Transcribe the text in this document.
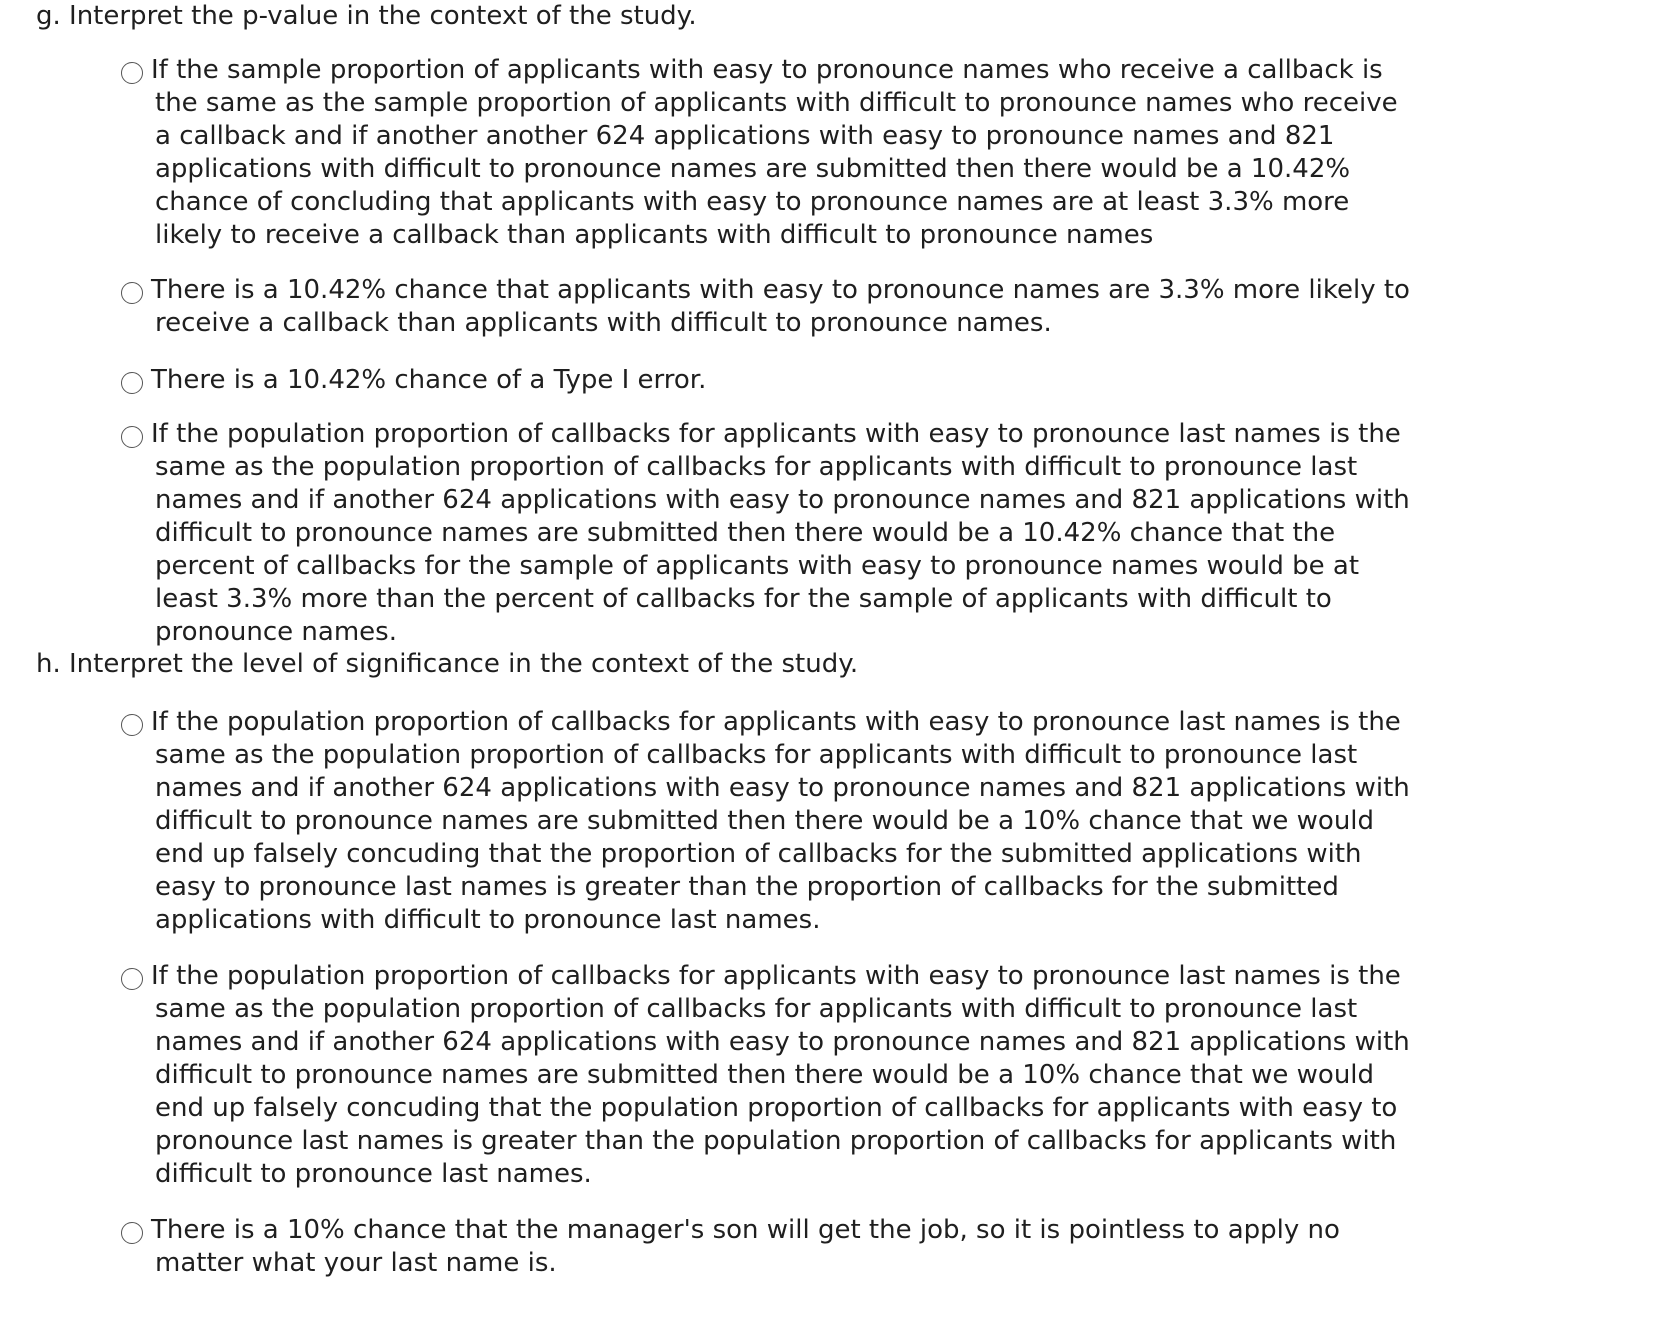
g. Interpret the p-value in the context of the study.
If the sample proportion of applicants with easy to pronounce names who receive a callback is the same as the sample proportion of applicants with difficult to pronounce names who receive a callback and if another another 624 applications with easy to pronounce names and 821 applications with difficult to pronounce names are submitted then there would be a 10.42% chance of concluding that applicants with easy to pronounce names are at least 3.3% more likely to receive a callback than applicants with difficult to pronounce names
There is a 10.42% chance that applicants with easy to pronounce names are 3.3% more likely to receive a callback than applicants with difficult to pronounce names.
There is a 10.42% chance of a Type I error.
If the population proportion of callbacks for applicants with easy to pronounce last names is the same as the population proportion of callbacks for applicants with difficult to pronounce last names and if another 624 applications with easy to pronounce names and 821 applications with difficult to pronounce names are submitted then there would be a 10.42% chance that the percent of callbacks for the sample of applicants with easy to pronounce names would be at least 3.3% more than the percent of callbacks for the sample of applicants with difficult to pronounce names.
h. Interpret the level of significance in the context of the study.
If the population proportion of callbacks for applicants with easy to pronounce last names is the same as the population proportion of callbacks for applicants with difficult to pronounce last names and if another 624 applications with easy to pronounce names and 821 applications with difficult to pronounce names are submitted then there would be a 10% chance that we would end up falsely concuding that the proportion of callbacks for the submitted applications with easy to pronounce last names is greater than the proportion of callbacks for the submitted applications with difficult to pronounce last names.
If the population proportion of callbacks for applicants with easy to pronounce last names is the same as the population proportion of callbacks for applicants with difficult to pronounce last names and if another 624 applications with easy to pronounce names and 821 applications with difficult to pronounce names are submitted then there would be a 10% chance that we would end up falsely concuding that the population proportion of callbacks for applicants with easy to pronounce last names is greater than the population proportion of callbacks for applicants with difficult to pronounce last names.
There is a 10% chance that the manager's son will get the job, so it is pointless to apply no matter what your last name is.
